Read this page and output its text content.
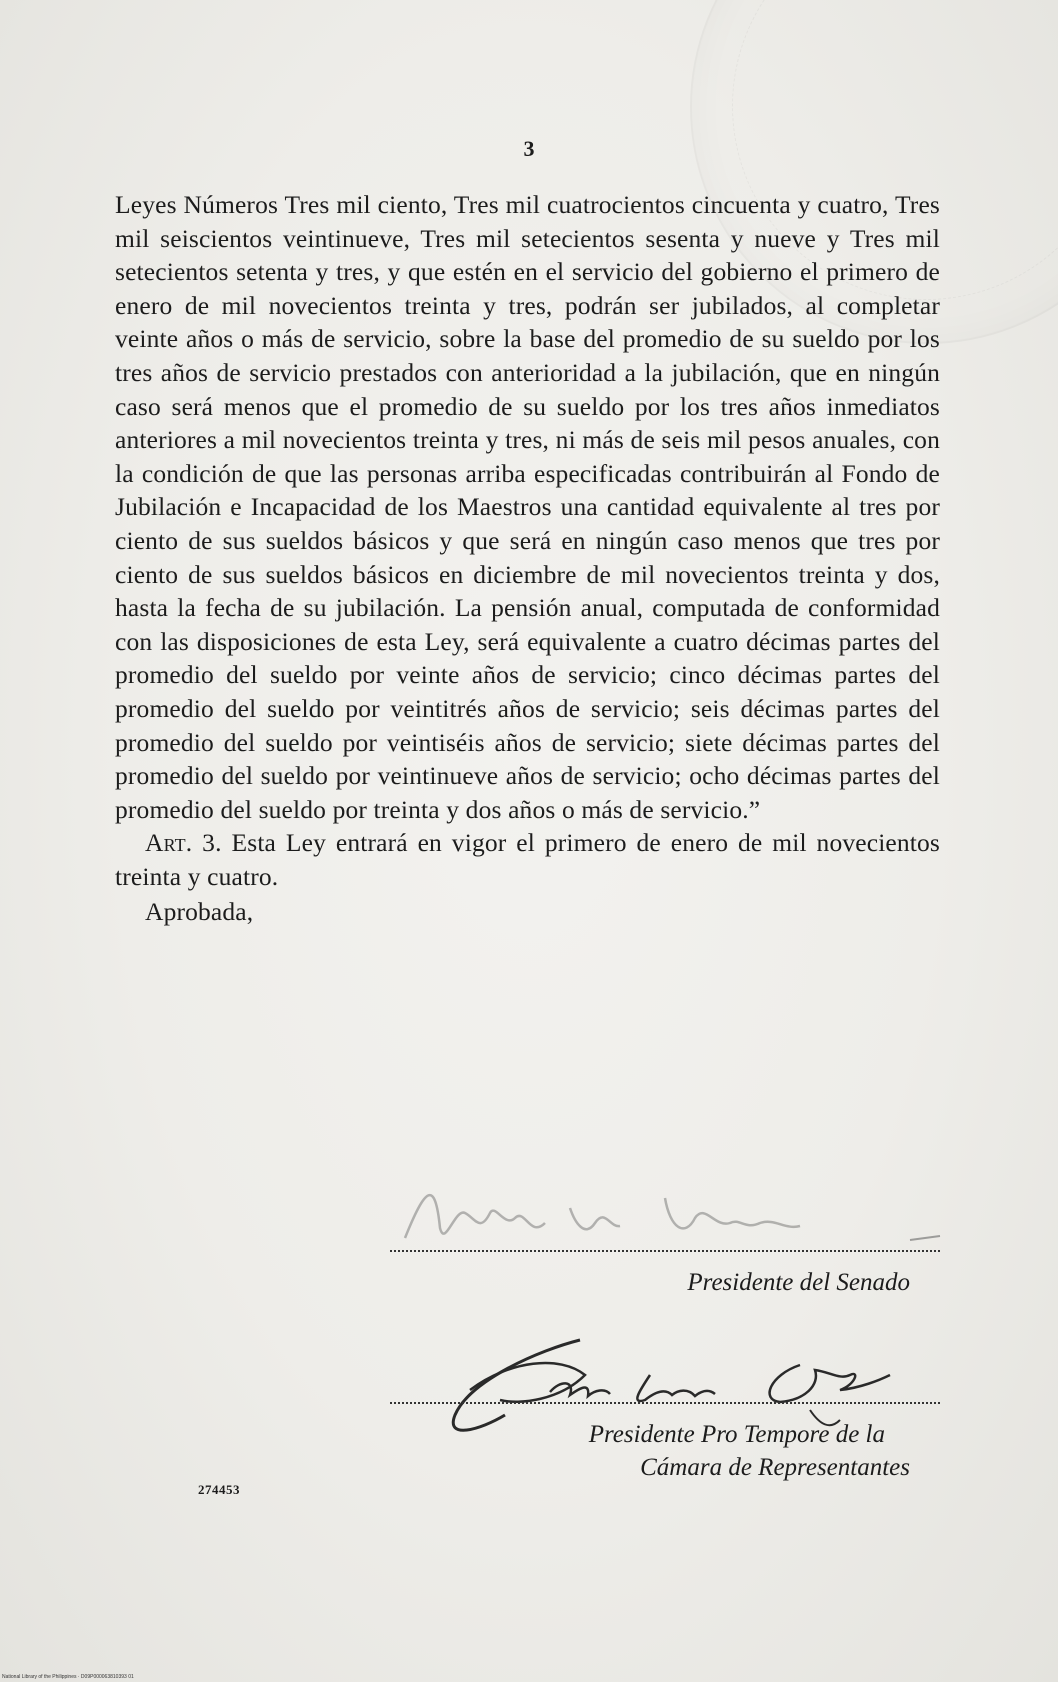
3

Leyes Números Tres mil ciento, Tres mil cuatrocientos cincuenta y cuatro, Tres mil seiscientos veintinueve, Tres mil setecientos sesenta y nueve y Tres mil setecientos setenta y tres, y que estén en el servicio del gobierno el primero de enero de mil novecientos treinta y tres, podrán ser jubilados, al completar veinte años o más de servicio, sobre la base del promedio de su sueldo por los tres años de servicio prestados con anterioridad a la jubilación, que en ningún caso será menos que el promedio de su sueldo por los tres años inmediatos anteriores a mil novecientos treinta y tres, ni más de seis mil pesos anuales, con la condición de que las personas arriba especificadas contribuirán al Fondo de Jubilación e Incapacidad de los Maestros una cantidad equivalente al tres por ciento de sus sueldos básicos y que será en ningún caso menos que tres por ciento de sus sueldos básicos en diciembre de mil novecientos treinta y dos, hasta la fecha de su jubilación. La pensión anual, computada de conformidad con las disposiciones de esta Ley, será equivalente a cuatro décimas partes del promedio del sueldo por veinte años de servicio; cinco décimas partes del promedio del sueldo por veintitrés años de servicio; seis décimas partes del promedio del sueldo por veintiséis años de servicio; siete décimas partes del promedio del sueldo por veintinueve años de servicio; ocho décimas partes del promedio del sueldo por treinta y dos años o más de servicio.”

Art. 3. Esta Ley entrará en vigor el primero de enero de mil novecientos treinta y cuatro.

Aprobada,

Presidente del Senado
Presidente Pro Tempore de la
Cámara de Representantes
274453
National Library of the Philippines · D09P000063810393 01
